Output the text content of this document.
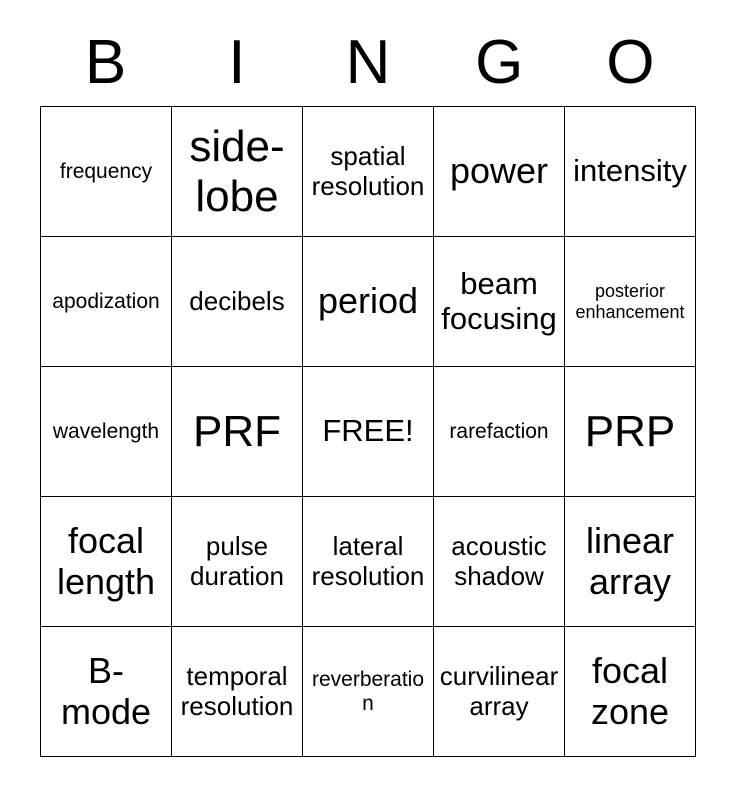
B	I	N	G	O
frequency	side-lobe	spatial resolution	power	intensity
apodization	decibels	period	beam focusing	posterior enhancement
wavelength	PRF	FREE!	rarefaction	PRP
focal length	pulse duration	lateral resolution	acoustic shadow	linear array
B-mode	temporal resolution	reverberation	curvilinear array	focal zone
